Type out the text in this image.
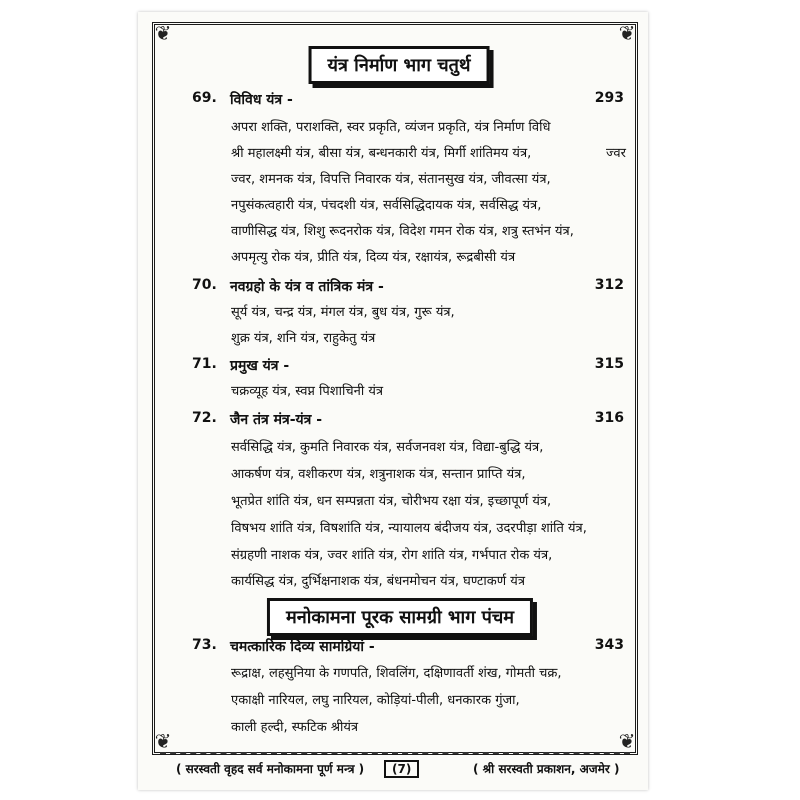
❦	❦
❦	❦
यंत्र निर्माण भाग चतुर्थ
69. विविध यंत्र -	293
अपरा शक्ति, पराशक्ति, स्वर प्रकृति, व्यंजन प्रकृति, यंत्र निर्माण विधि
श्री महालक्ष्मी यंत्र, बीसा यंत्र, बन्धनकारी यंत्र, मिर्गी शांतिमय यंत्र,	ज्वर
ज्वर, शमनक यंत्र, विपत्ति निवारक यंत्र, संतानसुख यंत्र, जीवत्सा यंत्र,
नपुसंकत्वहारी यंत्र, पंचदशी यंत्र, सर्वसिद्धिदायक यंत्र, सर्वसिद्ध यंत्र,
वाणीसिद्ध यंत्र, शिशु रूदनरोक यंत्र, विदेश गमन रोक यंत्र, शत्रु स्तभंन यंत्र,
अपमृत्यु रोक यंत्र, प्रीति यंत्र, दिव्य यंत्र, रक्षायंत्र, रूद्रबीसी यंत्र
70. नवग्रहो के यंत्र व तांत्रिक मंत्र -	312
सूर्य यंत्र, चन्द्र यंत्र, मंगल यंत्र, बुध यंत्र, गुरू यंत्र,
शुक्र यंत्र, शनि यंत्र, राहुकेतु यंत्र
71. प्रमुख यंत्र -	315
चक्रव्यूह यंत्र, स्वप्न पिशाचिनी यंत्र
72. जैन तंत्र मंत्र-यंत्र -	316
सर्वसिद्धि यंत्र, कुमति निवारक यंत्र, सर्वजनवश यंत्र, विद्या-बुद्धि यंत्र,
आकर्षण यंत्र, वशीकरण यंत्र, शत्रुनाशक यंत्र, सन्तान प्राप्ति यंत्र,
भूतप्रेत शांति यंत्र, धन सम्पन्नता यंत्र, चोरीभय रक्षा यंत्र, इच्छापूर्ण यंत्र,
विषभय शांति यंत्र, विषशांति यंत्र, न्यायालय बंदीजय यंत्र, उदरपीड़ा शांति यंत्र,
संग्रहणी नाशक यंत्र, ज्वर शांति यंत्र, रोग शांति यंत्र, गर्भपात रोक यंत्र,
कार्यसिद्ध यंत्र, दुर्भिक्षनाशक यंत्र, बंधनमोचन यंत्र, घण्टाकर्ण यंत्र
मनोकामना पूरक सामग्री भाग पंचम
73. चमत्कारिक दिव्य सामग्रियां -	343
रूद्राक्ष, लहसुनिया के गणपति, शिवलिंग, दक्षिणावर्ती शंख, गोमती चक्र,
एकाक्षी नारियल, लघु नारियल, कोड़ियां-पीली, धनकारक गुंजा,
काली हल्दी, स्फटिक श्रीयंत्र
( सरस्वती वृहद सर्व मनोकामना पूर्ण मन्त्र )	(7)	( श्री सरस्वती प्रकाशन, अजमेर )
